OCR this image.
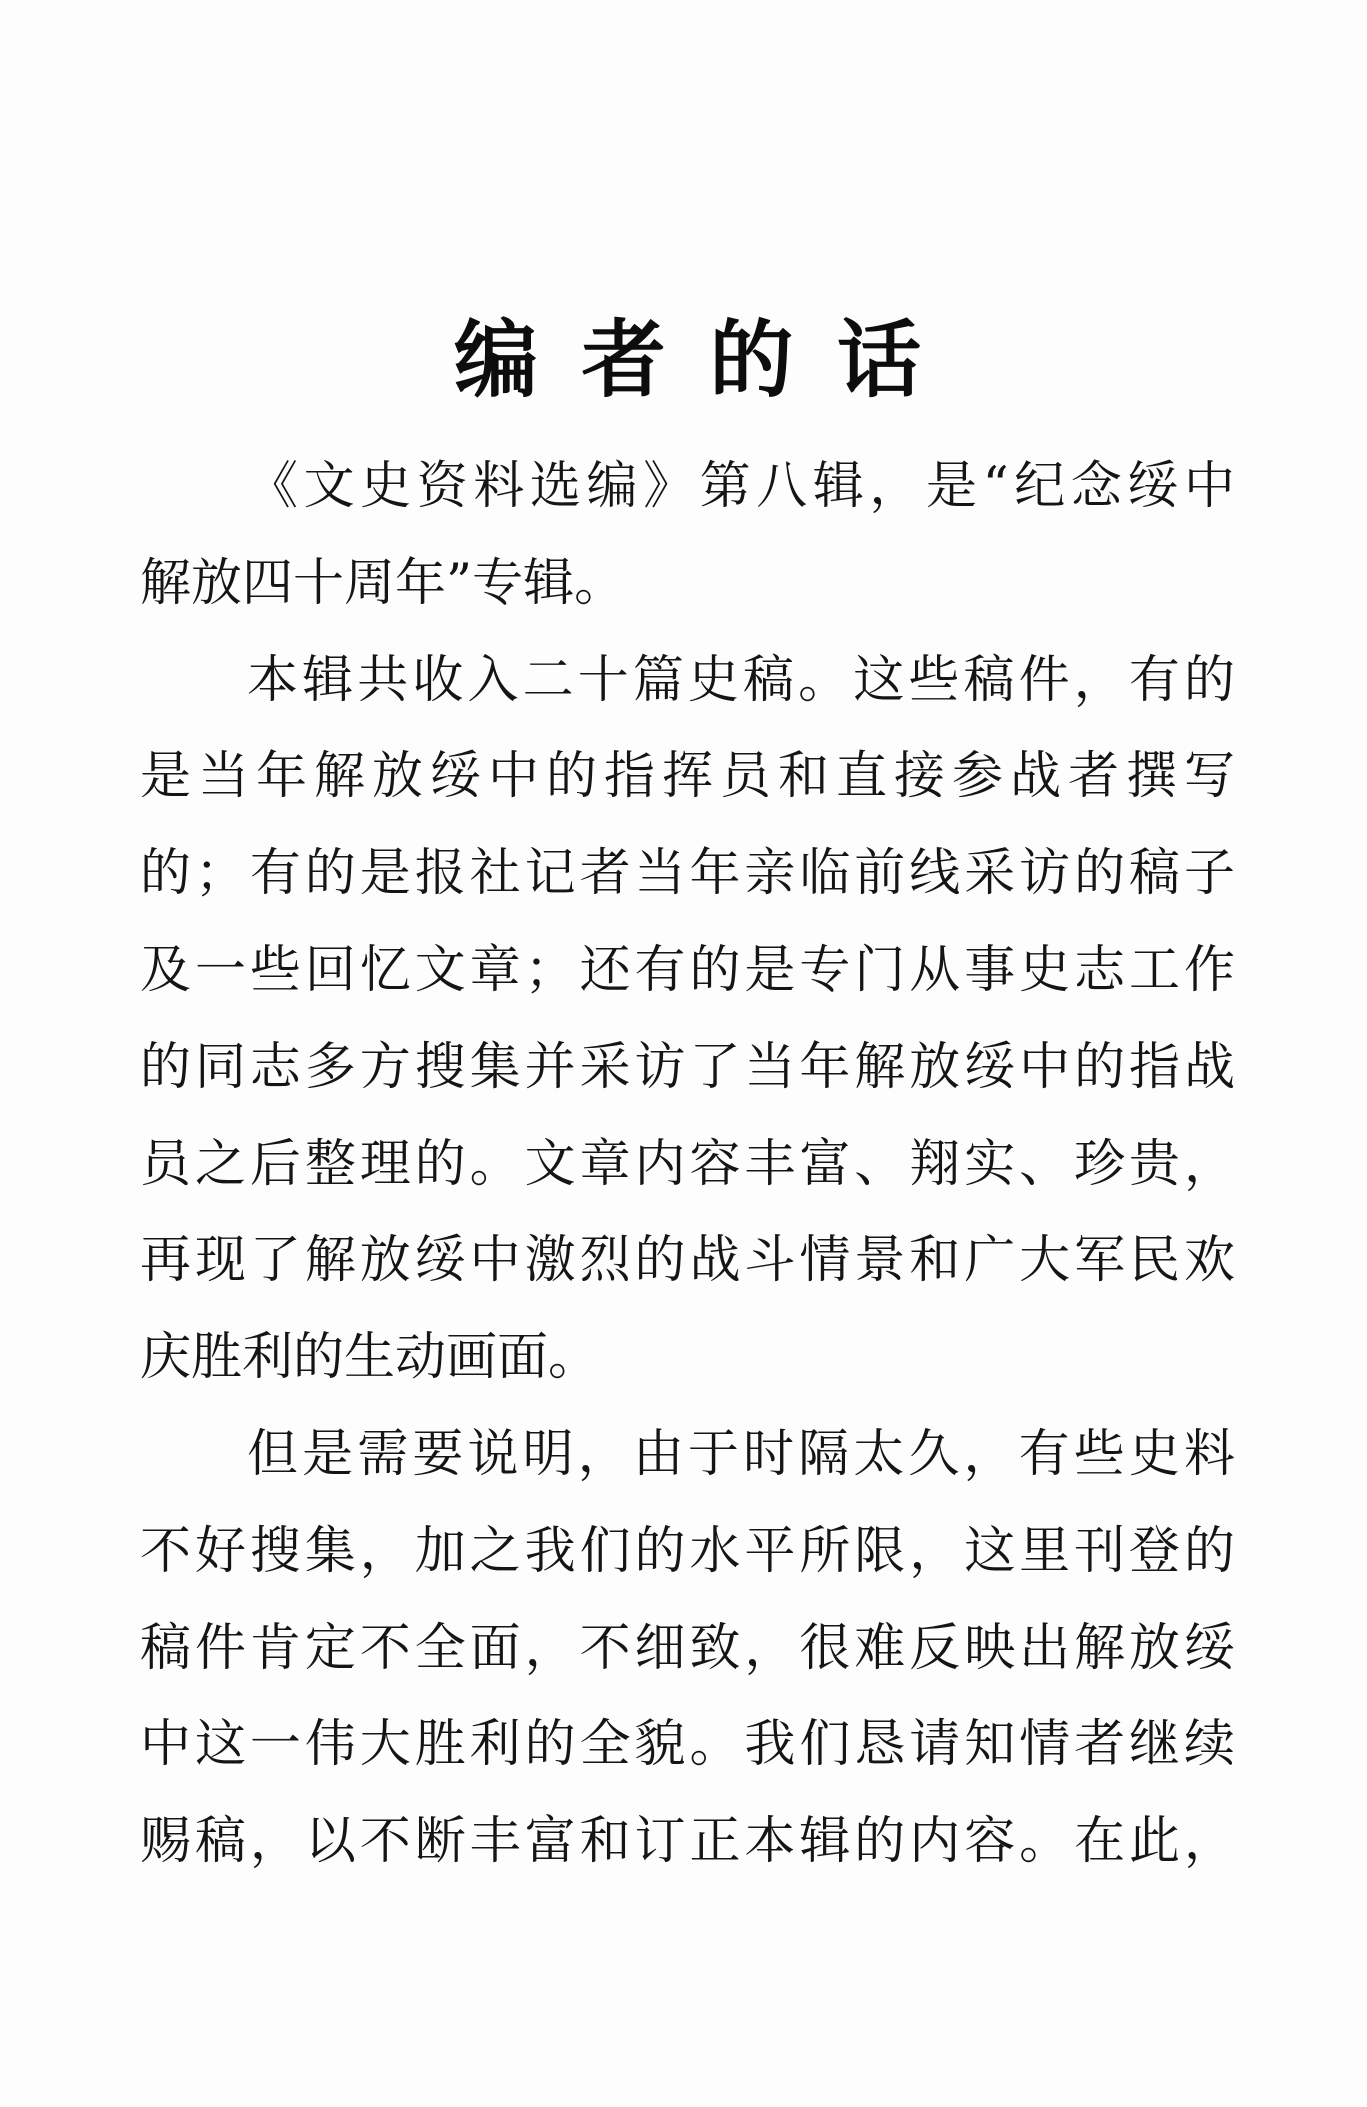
编者的话
《文史资料选编》第八辑，是“纪念绥中
解放四十周年”专辑。
本辑共收入二十篇史稿。这些稿件，有的
是当年解放绥中的指挥员和直接参战者撰写
的；有的是报社记者当年亲临前线采访的稿子
及一些回忆文章；还有的是专门从事史志工作
的同志多方搜集并采访了当年解放绥中的指战
员之后整理的。文章内容丰富、翔实、珍贵，
再现了解放绥中激烈的战斗情景和广大军民欢
庆胜利的生动画面。
但是需要说明，由于时隔太久，有些史料
不好搜集，加之我们的水平所限，这里刊登的
稿件肯定不全面，不细致，很难反映出解放绥
中这一伟大胜利的全貌。我们恳请知情者继续
赐稿，以不断丰富和订正本辑的内容。在此，
